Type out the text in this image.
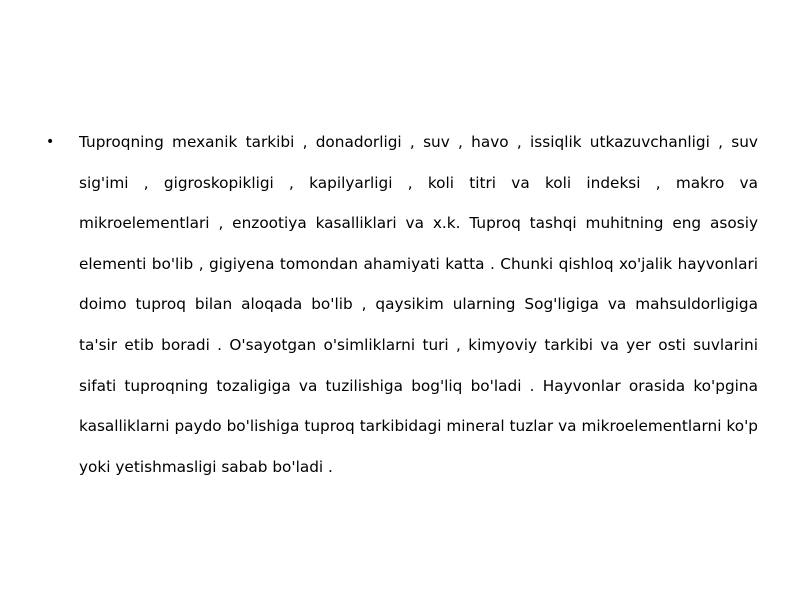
•	Tuproqning mexanik tarkibi , donadorligi , suv , havo , issiqlik utkazuvchanligi , suv sig'imi , gigroskopikligi , kapilyarligi , koli titri va koli indeksi , makro va mikroelementlari , enzootiya kasalliklari va x.k. Tuproq tashqi muhitning eng asosiy elementi bo'lib , gigiyena tomondan ahamiyati katta . Chunki qishloq xo'jalik hayvonlari doimo tuproq bilan aloqada bo'lib , qaysikim ularning Sog'ligiga va mahsuldorligiga ta'sir etib boradi . O'sayotgan o'simliklarni turi , kimyoviy tarkibi va yer osti suvlarini sifati tuproqning tozaligiga va tuzilishiga bog'liq bo'ladi . Hayvonlar orasida ko'pgina kasalliklarni paydo bo'lishiga tuproq tarkibidagi mineral tuzlar va mikroelementlarni ko'p yoki yetishmasligi sabab bo'ladi .
